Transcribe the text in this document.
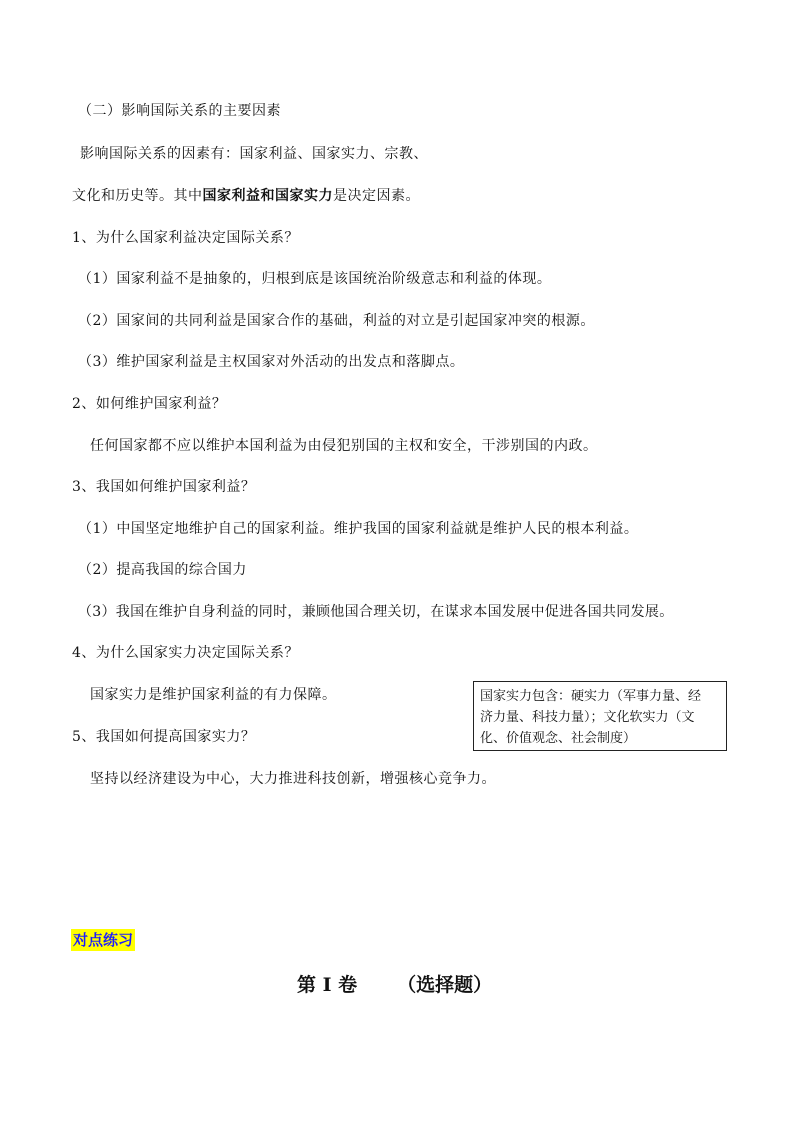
（二）影响国际关系的主要因素
影响国际关系的因素有：国家利益、国家实力、宗教、
文化和历史等。其中国家利益和国家实力是决定因素。
1、为什么国家利益决定国际关系？
（1）国家利益不是抽象的，归根到底是该国统治阶级意志和利益的体现。
（2）国家间的共同利益是国家合作的基础，利益的对立是引起国家冲突的根源。
（3）维护国家利益是主权国家对外活动的出发点和落脚点。
2、如何维护国家利益？
任何国家都不应以维护本国利益为由侵犯别国的主权和安全，干涉别国的内政。
3、我国如何维护国家利益？
（1）中国坚定地维护自己的国家利益。维护我国的国家利益就是维护人民的根本利益。
（2）提高我国的综合国力
（3）我国在维护自身利益的同时，兼顾他国合理关切，在谋求本国发展中促进各国共同发展。
4、为什么国家实力决定国际关系？
国家实力是维护国家利益的有力保障。	国家实力包含：硬实力（军事力量、经
济力量、科技力量）；文化软实力（文
化、价值观念、社会制度）
5、我国如何提高国家实力？
坚持以经济建设为中心，大力推进科技创新，增强核心竞争力。
对点练习
第 I 卷 （选择题）
